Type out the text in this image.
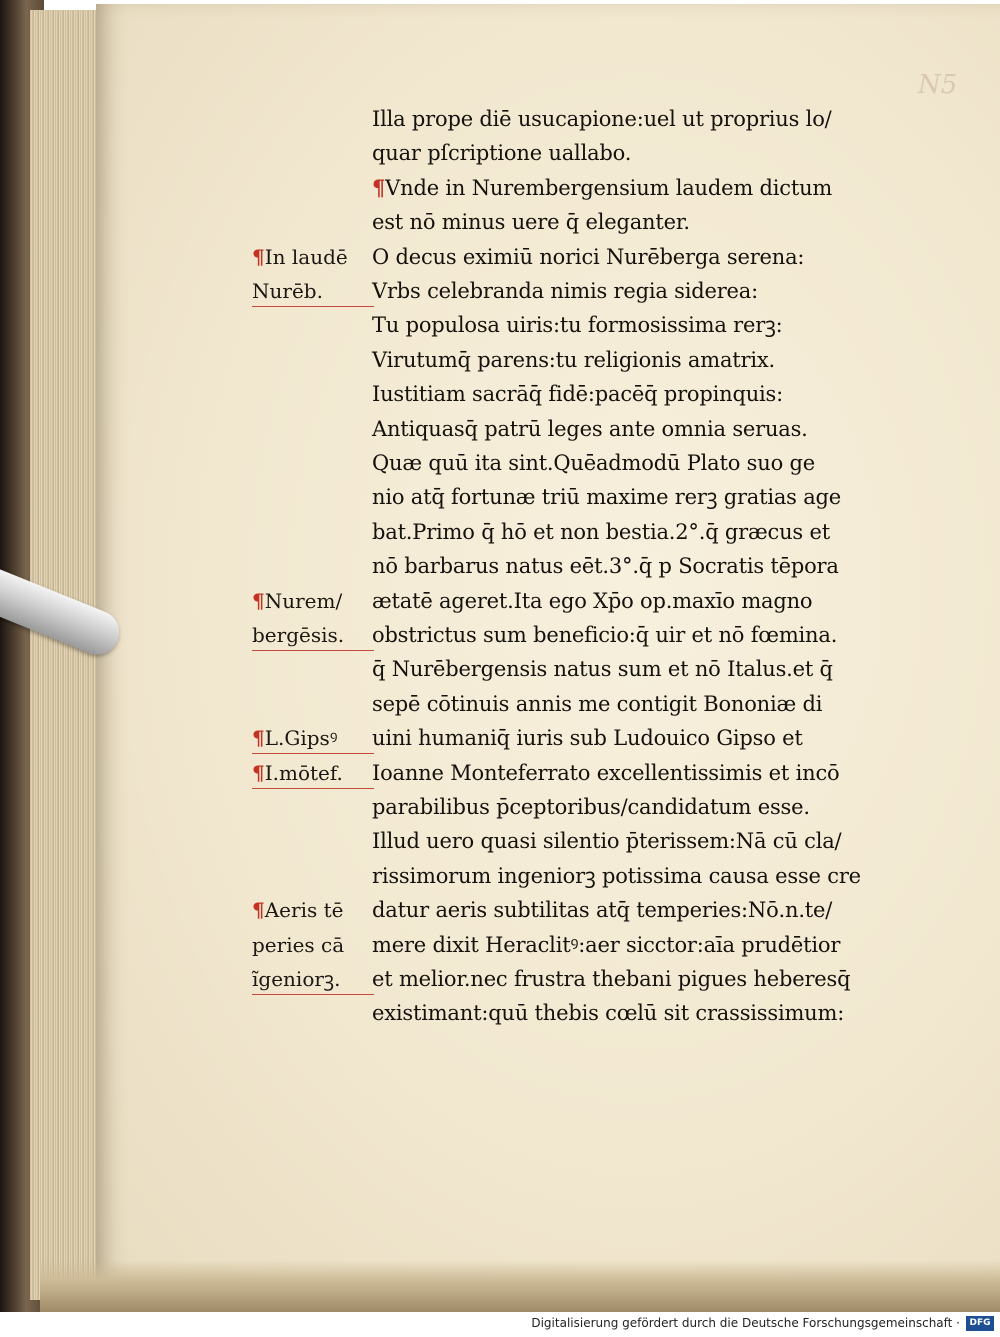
N5
Illa prope diē usucapione:uel ut proprius lo/
quar pſcriptione uallabo.
¶Vnde in Nurembergensium laudem dictum
est nō minus uere q̄ eleganter.
¶In laudē	O decus eximiū norici Nurēberga serena:
Nurēb.	Vrbs celebranda nimis regia siderea:
Tu populosa uiris:tu formosissima rerꝫ:
Virutumq̄ parens:tu religionis amatrix.
Iustitiam sacrāq̄ fidē:pacēq̄ propinquis:
Antiquasq̄ patrū leges ante omnia seruas.
Quæ quū ita sint.Quēadmodū Plato suo ge
nio atq̄ fortunæ triū maxime rerꝫ gratias age
bat.Primo q̄ hō et non bestia.2°.q̄ græcus et
nō barbarus natus eēt.3°.q̄ p Socratis tēpora
¶Nurem/	ætatē ageret.Ita ego Xp̄o op.maxīo magno
bergēsis.	obstrictus sum beneficio:q̄ uir et nō fœmina.
q̄ Nurēbergensis natus sum et nō Italus.et q̄
sepē cōtinuis annis me contigit Bononiæ di
¶L.Gipsꝰ	uini humaniq̄ iuris sub Ludouico Gipso et
¶I.mōtef.	Ioanne Monteferrato excellentissimis et incō
parabilibus p̄ceptoribus/candidatum esse.
Illud uero quasi silentio p̄terissem:Nā cū cla/
rissimorum ingeniorꝫ potissima causa esse cre
¶Aeris tē	datur aeris subtilitas atq̄ temperies:Nō.n.te/
peries cā	mere dixit Heraclitꝰ:aer sicctor:aīa prudētior
ĩgeniorꝫ.	et melior.nec frustra thebani pigues heberesq̄
existimant:quū thebis cœlū sit crassissimum:
Digitalisierung gefördert durch die Deutsche Forschungsgemeinschaft ·	DFG
